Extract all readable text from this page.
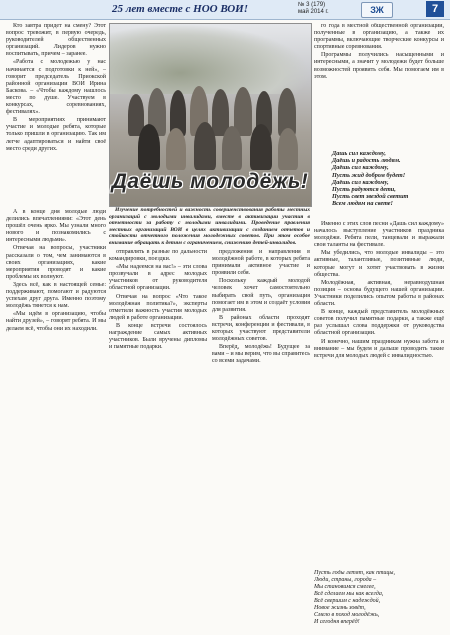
25 лет вместе с НОО ВОИ!	№ 3 (179)
май 2014 г.	ЗЖ	7

Кто завтра придет на смену? Этот вопрос тревожит, в первую очередь, руководителей общественных организаций. Лидеров нужно воспитывать, причем – заранее.

«Работа с молодежью у нас начинается с подготовки к ней», – говорит председатель Приокской районной организации ВОИ Ирина Баскова. – «Чтобы каждому нашлось место по душе. Участвуем в конкурсах, соревнованиях, фестивалях».

В мероприятиях принимают участие и молодые ребята, которые только пришли в организацию. Так им легче адаптироваться и найти своё место среди других.

Даёшь молодёжь!

Изучение потребностей и важность совершенствования работы местных организаций с молодыми инвалидами, вместе в активизации участия в отчетности за работу с молодыми инвалидами. Проведение правления местных организаций ВОИ в целях активизации с созданием отчетов и стойкости отчетного положения молодежных советов. При этом особое внимание обращать к детям с ограничением, снижению детей-инвалидов.

го года в местной общественной организации, полученные в организацию, а также их программы, включающие творческие конкурсы и спортивные соревнования.

Программы получились насыщенными и интересными, а значит у молодежи будет больше возможностей проявить себя. Мы помогаем им в этом.

Дашь сил каждому,

Даёшь и радость людям.

Даёшь сил каждому,

Пусть жид добром будет!

Даёшь сил каждому,

Пусть радуются дети,

Пусть свет звездой светит

Всем людям на свете!

Именно с этих слов песни «Дашь сил каждому» началось выступление участников праздника молодёжи. Ребята пели, танцевали и выражали свои таланты на фестивале.

Мы убедились, что молодые инвалиды – это активные, талантливые, позитивные люди, которые могут и хотят участвовать в жизни общества.

Молодёжная, активная, неравнодушная позиция – основа будущего нашей организации. Участники поделились опытом работы в районах области.

В конце, каждый представитель молодёжных советов получил памятные подарки, а также ещё раз услышал слова поддержки от руководства областной организации.

И конечно, нашим праздникам нужна забота и внимание – мы будем и дальше проводить такие встречи для молодых людей с инвалидностью.

А в конце дня молодые люди делились впечатлениями: «Этот день прошёл очень ярко. Мы узнали много нового и познакомились с интересными людьми».

Отвечая на вопросы, участники рассказали о том, чем занимаются в своих организациях, какие мероприятия проводят и какие проблемы их волнуют.

Здесь всё, как в настоящей семье: поддерживают, помогают и радуются успехам друг друга. Именно поэтому молодёжь тянется к нам.

«Мы идём в организацию, чтобы найти друзей», – говорят ребята. И мы делаем всё, чтобы они их находили.

отправлять в разные по дальности командировки, поездки.

«Мы надеемся на вас!» – эти слова прозвучали в адрес молодых участников от руководителя областной организации.

Отвечая на вопрос «Что такое молодёжная политика?», эксперты отметили важность участия молодых людей в работе организации.

В конце встречи состоялось награждение самых активных участников. Были вручены дипломы и памятные подарки.

предложения и направления в молодёжной работе, в которых ребята принимали активное участие и проявили себя.

Поскольку каждый молодой человек хочет самостоятельно выбирать свой путь, организация помогает им в этом и создаёт условия для развития.

В районах области проходят встречи, конференции и фестивали, в которых участвуют представители молодёжных советов.

Вперёд, молодёжь! Будущее за вами – и мы верим, что вы справитесь со всеми задачами.

Пусть годы летят, как птицы,

Люди, страны, города –

Мы становимся смелее,

Всё сделаем мы как всегда,

Всё свершим с надеждой,

Новое жизнь зовёт,

Смело в поход молодёжь,

И сегодня вперёд!
